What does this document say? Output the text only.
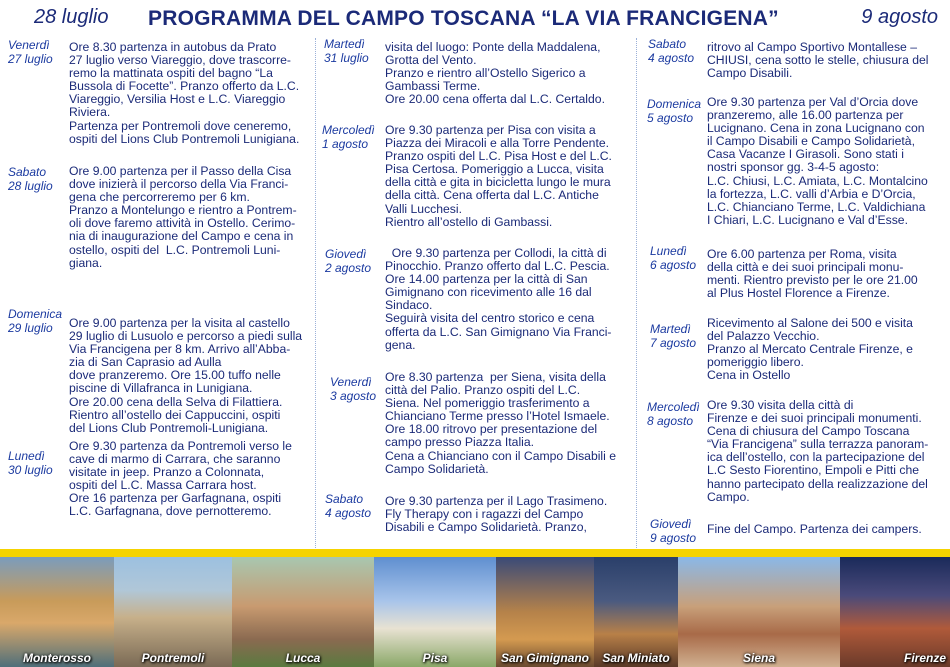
28 luglio PROGRAMMA DEL CAMPO TOSCANA “LA VIA FRANCIGENA”	9 agosto
Venerdì
27 luglio
Ore 8.30 partenza in autobus da Prato
27 luglio verso Viareggio, dove trascorre-
remo la mattinata ospiti del bagno “La
Bussola di Focette”. Pranzo offerto da L.C.
Viareggio, Versilia Host e L.C. Viareggio
Riviera.
Partenza per Pontremoli dove ceneremo,
ospiti del Lions Club Pontremoli Lunigiana.
Sabato
28 luglio
Ore 9.00 partenza per il Passo della Cisa
dove inizierà il percorso della Via Franci-
gena che percorreremo per 6 km.
Pranzo a Montelungo e rientro a Pontrem-
oli dove faremo attività in Ostello. Cerimo-
nia di inaugurazione del Campo e cena in
ostello, ospiti del  L.C. Pontremoli Luni-
giana.
Domenica
29 luglio	Ore 9.00 partenza per la visita al castello
29 luglio di Lusuolo e percorso a piedi sulla
Via Francigena per 8 km. Arrivo all’Abba-
zia di San Caprasio ad Aulla
dove pranzeremo. Ore 15.00 tuffo nelle
piscine di Villafranca in Lunigiana.
Ore 20.00 cena della Selva di Filattiera.
Rientro all’ostello dei Cappuccini, ospiti
del Lions Club Pontremoli-Lunigiana.
Lunedì
30 luglio
Ore 9.30 partenza da Pontremoli verso le
cave di marmo di Carrara, che saranno
visitate in jeep. Pranzo a Colonnata,
ospiti del L.C. Massa Carrara host.
Ore 16 partenza per Garfagnana, ospiti
L.C. Garfagnana, dove pernotteremo.
Martedì
31 luglio
visita del luogo: Ponte della Maddalena,
Grotta del Vento.
Pranzo e rientro all’Ostello Sigerico a
Gambassi Terme.
Ore 20.00 cena offerta dal L.C. Certaldo.
Mercoledì
1 agosto
Ore 9.30 partenza per Pisa con visita a
Piazza dei Miracoli e alla Torre Pendente.
Pranzo ospiti del L.C. Pisa Host e del L.C.
Pisa Certosa. Pomeriggio a Lucca, visita
della città e gita in bicicletta lungo le mura
della città. Cena offerta dal L.C. Antiche
Valli Lucchesi.
Rientro all’ostello di Gambassi.
Giovedì
2 agosto
Ore 9.30 partenza per Collodi, la città di
Pinocchio. Pranzo offerto dal L.C. Pescia.
Ore 14.00 partenza per la città di San
Gimignano con ricevimento alle 16 dal
Sindaco.
Seguirà visita del centro storico e cena
offerta da L.C. San Gimignano Via Franci-
gena.
Venerdì
3 agosto
Ore 8.30 partenza  per Siena, visita della
città del Palio. Pranzo ospiti del L.C.
Siena. Nel pomeriggio trasferimento a
Chianciano Terme presso l’Hotel Ismaele.
Ore 18.00 ritrovo per presentazione del
campo presso Piazza Italia.
Cena a Chianciano con il Campo Disabili e
Campo Solidarietà.
Sabato
4 agosto
Ore 9.30 partenza per il Lago Trasimeno.
Fly Therapy con i ragazzi del Campo
Disabili e Campo Solidarietà. Pranzo,
Sabato
4 agosto
ritrovo al Campo Sportivo Montallese –
CHIUSI, cena sotto le stelle, chiusura del
Campo Disabili.
Domenica
5 agosto
Ore 9.30 partenza per Val d’Orcia dove
pranzeremo, alle 16.00 partenza per
Lucignano. Cena in zona Lucignano con
il Campo Disabili e Campo Solidarietà,
Casa Vacanze I Girasoli. Sono stati i
nostri sponsor gg. 3-4-5 agosto:
L.C. Chiusi, L.C. Amiata, L.C. Montalcino
la fortezza, L.C. valli d’Arbia e D’Orcia,
L.C. Chianciano Terme, L.C. Valdichiana
I Chiari, L.C. Lucignano e Val d’Esse.
Lunedì
6 agosto
Ore 6.00 partenza per Roma, visita
della città e dei suoi principali monu-
menti. Rientro previsto per le ore 21.00
al Plus Hostel Florence a Firenze.
Martedì
7 agosto
Ricevimento al Salone dei 500 e visita
del Palazzo Vecchio.
Pranzo al Mercato Centrale Firenze, e
pomeriggio libero.
Cena in Ostello
Mercoledì
8 agosto
Ore 9.30 visita della città di
Firenze e dei suoi principali monumenti.
Cena di chiusura del Campo Toscana
“Via Francigena” sulla terrazza panoram-
ica dell’ostello, con la partecipazione del
L.C Sesto Fiorentino, Empoli e Pitti che
hanno partecipato della realizzazione del
Campo.
Giovedì
9 agosto
Fine del Campo. Partenza dei campers.
Monterosso	Pontremoli	Lucca	Pisa	San Gimignano	San Miniato	Siena	Firenze
